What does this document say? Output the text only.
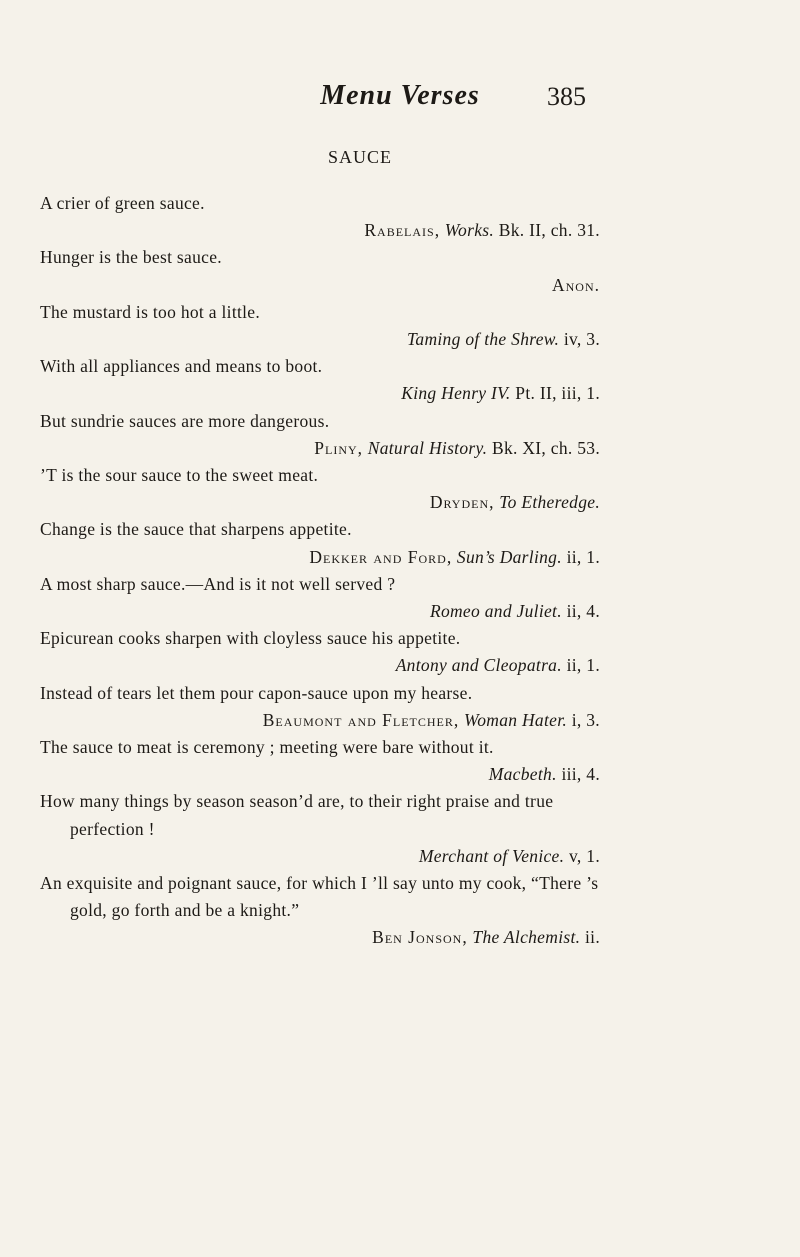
Menu Verses	385
SAUCE
A crier of green sauce.
Rabelais, Works. Bk. II, ch. 31.
Hunger is the best sauce.
Anon.
The mustard is too hot a little.
Taming of the Shrew. iv, 3.
With all appliances and means to boot.
King Henry IV. Pt. II, iii, 1.
But sundrie sauces are more dangerous.
Pliny, Natural History. Bk. XI, ch. 53.
’T is the sour sauce to the sweet meat.
Dryden, To Etheredge.
Change is the sauce that sharpens appetite.
Dekker and Ford, Sun’s Darling. ii, 1.
A most sharp sauce.—And is it not well served ?
Romeo and Juliet. ii, 4.
Epicurean cooks sharpen with cloyless sauce his appetite.
Antony and Cleopatra. ii, 1.
Instead of tears let them pour capon-sauce upon my hearse.
Beaumont and Fletcher, Woman Hater. i, 3.
The sauce to meat is ceremony ; meeting were bare without it.
Macbeth. iii, 4.
How many things by season season’d are, to their right praise and true perfection !
Merchant of Venice. v, 1.
An exquisite and poignant sauce, for which I ’ll say unto my cook, “There ’s gold, go forth and be a knight.”
Ben Jonson, The Alchemist. ii.
